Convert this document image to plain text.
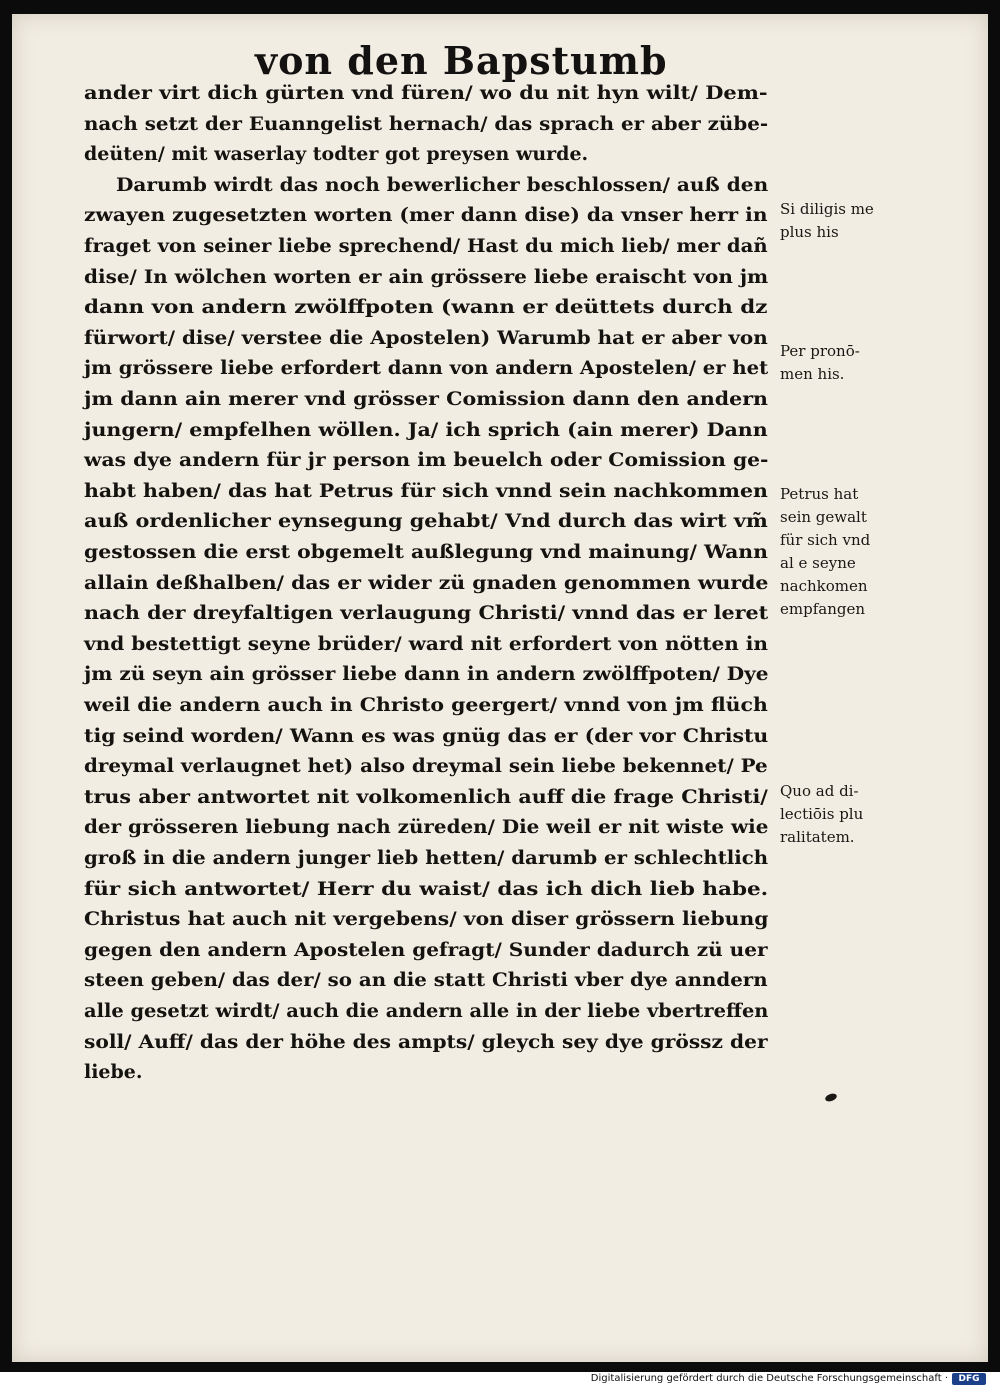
von den Bapstumb
ander virt dich gürten vnd füren/ wo du nit hyn wilt/ Dem-
nach setzt der Euanngelist hernach/ das sprach er aber zübe-
deüten/ mit waserlay todter got preysen wurde.
Darumb wirdt das noch bewerlicher beschlossen/ auß den
zwayen zugesetzten worten (mer dann dise) da vnser herr in
fraget von seiner liebe sprechend/ Hast du mich lieb/ mer dañ
dise/ In wölchen worten er ain grössere liebe eraischt von jm
dann von andern zwölffpoten (wann er deüttets durch dz
fürwort/ dise/ verstee die Apostelen) Warumb hat er aber von
jm grössere liebe erfordert dann von andern Apostelen/ er het
jm dann ain merer vnd grösser Comission dann den andern
jungern/ empfelhen wöllen. Ja/ ich sprich (ain merer) Dann
was dye andern für jr person im beuelch oder Comission ge-
habt haben/ das hat Petrus für sich vnnd sein nachkommen
auß ordenlicher eynsegung gehabt/ Vnd durch das wirt vm̃
gestossen die erst obgemelt außlegung vnd mainung/ Wann
allain deßhalben/ das er wider zü gnaden genommen wurde
nach der dreyfaltigen verlaugung Christi/ vnnd das er leret
vnd bestettigt seyne brüder/ ward nit erfordert von nötten in
jm zü seyn ain grösser liebe dann in andern zwölffpoten/ Dye
weil die andern auch in Christo geergert/ vnnd von jm flüch
tig seind worden/ Wann es was gnüg das er (der vor Christu
dreymal verlaugnet het) also dreymal sein liebe bekennet/ Pe
trus aber antwortet nit volkomenlich auff die frage Christi/
der grösseren liebung nach züreden/ Die weil er nit wiste wie
groß in die andern junger lieb hetten/ darumb er schlechtlich
für sich antwortet/ Herr du waist/ das ich dich lieb habe.
Christus hat auch nit vergebens/ von diser grössern liebung
gegen den andern Apostelen gefragt/ Sunder dadurch zü uer
steen geben/ das der/ so an die statt Christi vber dye anndern
alle gesetzt wirdt/ auch die andern alle in der liebe vbertreffen
soll/ Auff/ das der höhe des ampts/ gleych sey dye grössz der
liebe.
Si diligis me
plus his
Per pronō-
men his.
Petrus hat
sein gewalt
für sich vnd
al e seyne
nachkomen
empfangen
Quo ad di-
lectiōis plu
ralitatem.
Digitalisierung gefördert durch die Deutsche Forschungsgemeinschaft ·	DFG
